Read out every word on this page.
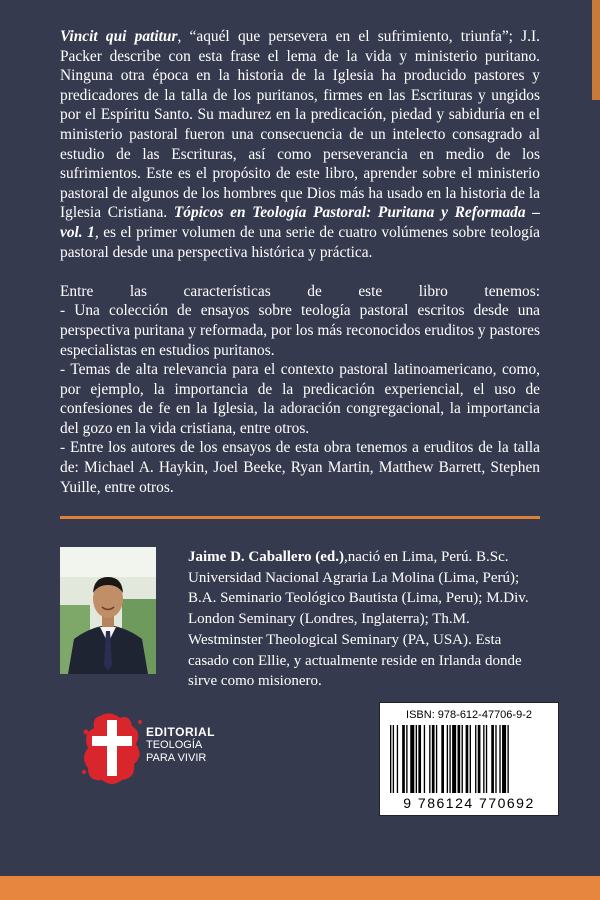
Vincit qui patitur, “aquél que persevera en el sufrimiento, triunfa”; J.I. Packer describe con esta frase el lema de la vida y ministerio puritano. Ninguna otra época en la historia de la Iglesia ha producido pastores y predicadores de la talla de los puritanos, firmes en las Escrituras y ungidos por el Espíritu Santo. Su madurez en la predicación, piedad y sabiduría en el ministerio pastoral fueron una consecuencia de un intelecto consagrado al estudio de las Escrituras, así como perseverancia en medio de los sufrimientos. Este es el propósito de este libro, aprender sobre el ministerio pastoral de algunos de los hombres que Dios más ha usado en la historia de la Iglesia Cristiana. Tópicos en Teología Pastoral: Puritana y Reformada – vol. 1, es el primer volumen de una serie de cuatro volúmenes sobre teología pastoral desde una perspectiva histórica y práctica.

Entre las características de este libro tenemos:

- Una colección de ensayos sobre teología pastoral escritos desde una perspectiva puritana y reformada, por los más reconocidos eruditos y pastores especialistas en estudios puritanos.

- Temas de alta relevancia para el contexto pastoral latinoamericano, como, por ejemplo, la importancia de la predicación experiencial, el uso de confesiones de fe en la Iglesia, la adoración congregacional, la importancia del gozo en la vida cristiana, entre otros.

- Entre los autores de los ensayos de esta obra tenemos a eruditos de la talla de: Michael A. Haykin, Joel Beeke, Ryan Martin, Matthew Barrett, Stephen Yuille, entre otros.

Jaime D. Caballero (ed.),nació en Lima, Perú. B.Sc. Universidad Nacional Agraria La Molina (Lima, Perú); B.A. Seminario Teológico Bautista (Lima, Peru); M.Div. London Seminary (Londres, Inglaterra); Th.M. Westminster Theological Seminary (PA, USA). Esta casado con Ellie, y actualmente reside en Irlanda donde sirve como misionero.
EDITORIAL
TEOLOGÍA
PARA VIVIR
ISBN: 978-612-47706-9-2
9 786124 770692
